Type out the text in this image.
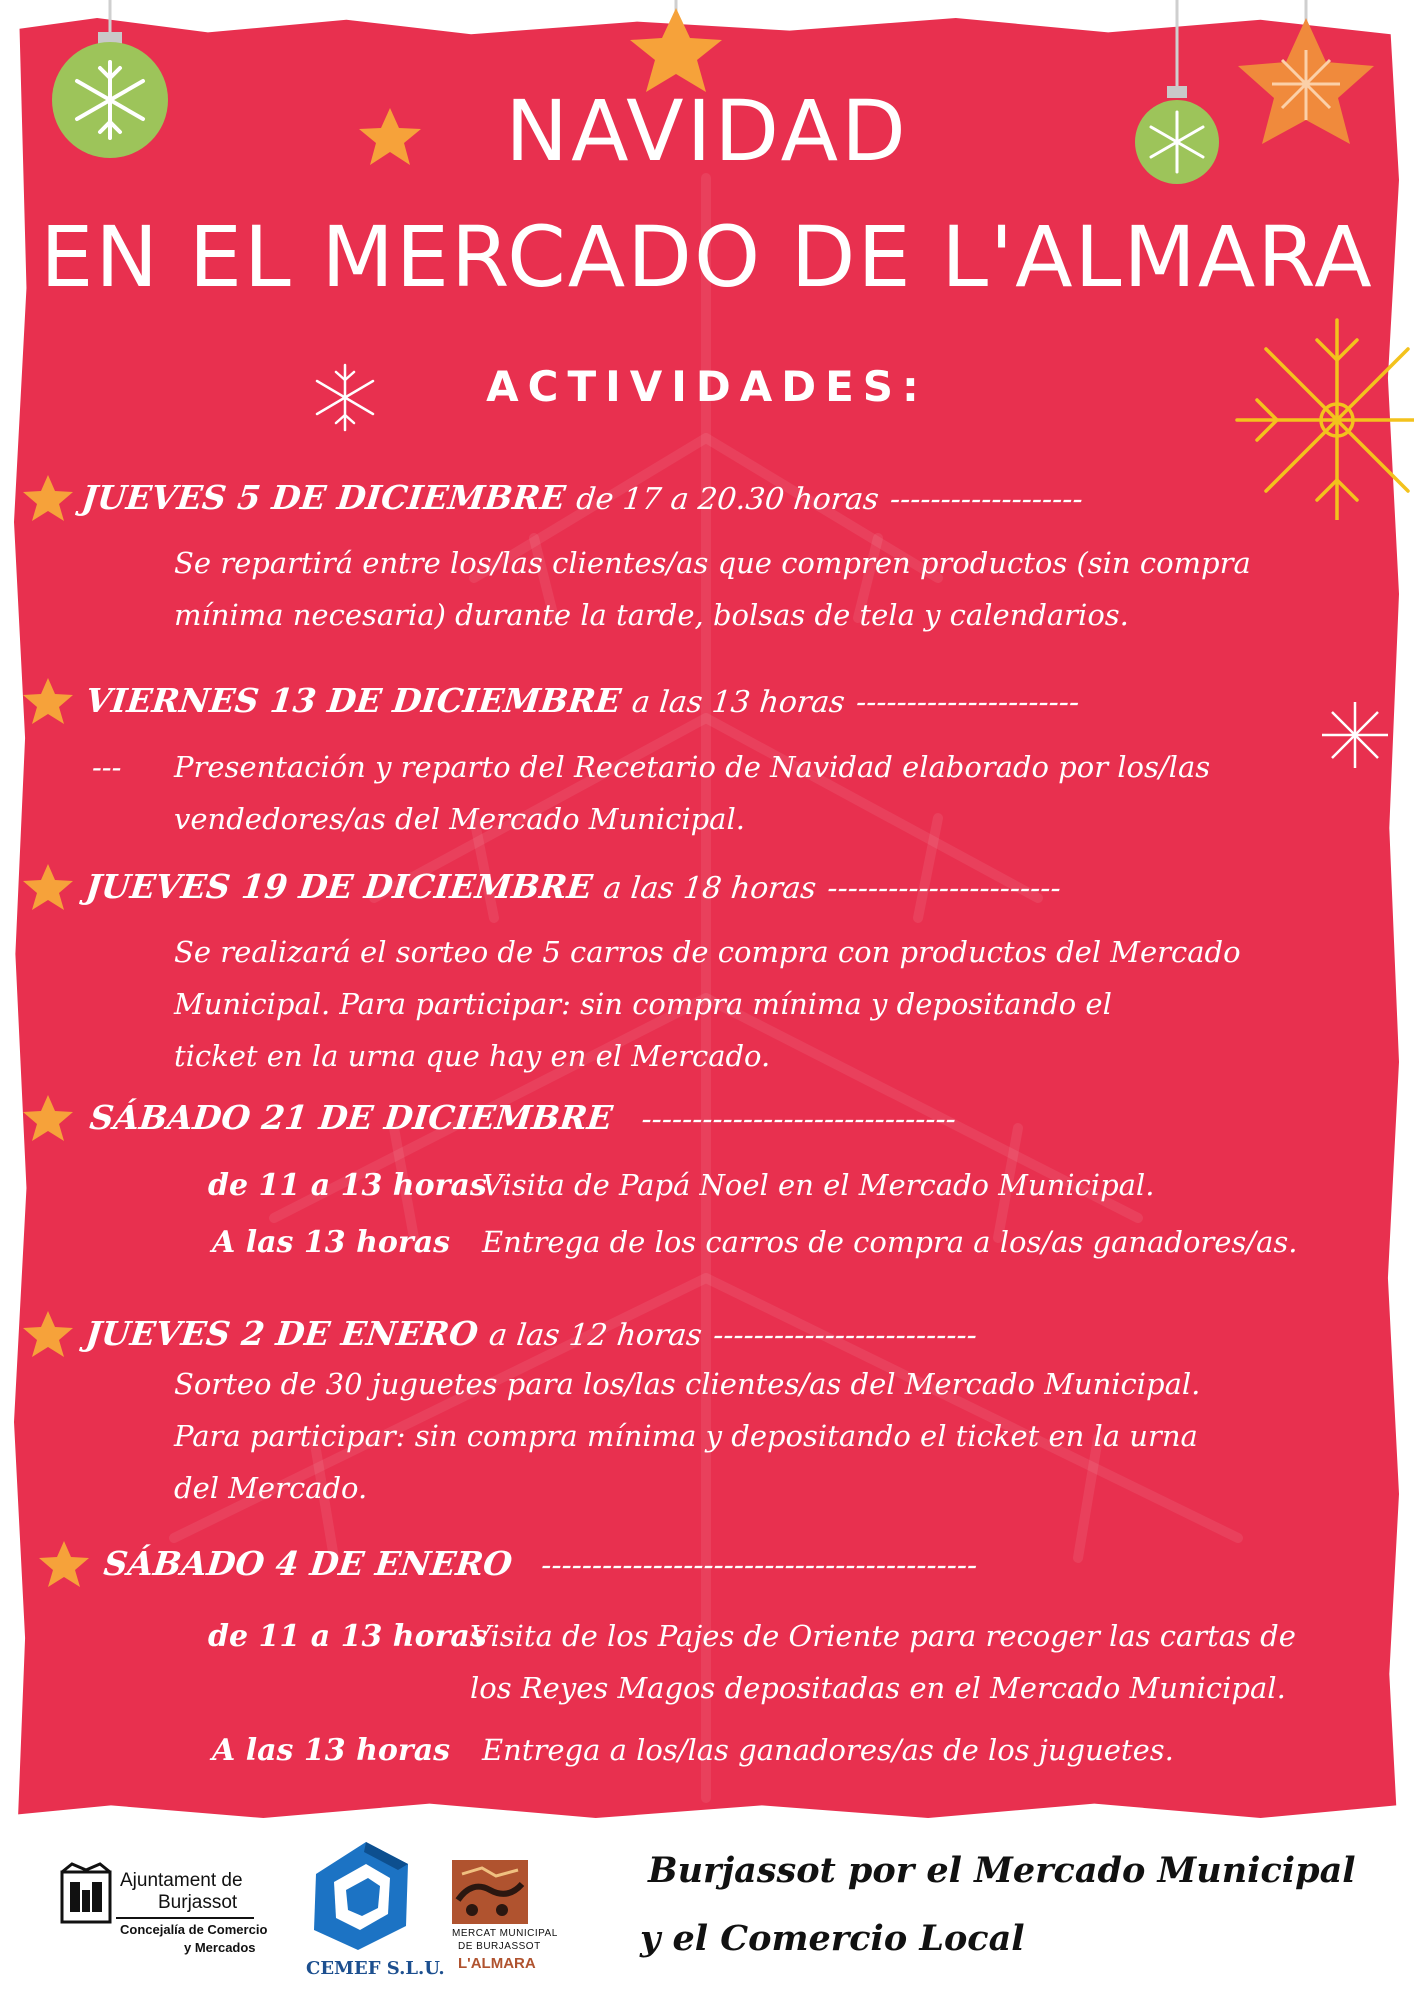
NAVIDAD
EN EL MERCADO DE L'ALMARA
ACTIVIDADES:
JUEVES 5 DE DICIEMBRE de 17 a 20.30 horas -------------------
Se repartirá entre los/las clientes/as que compren productos (sin compra
mínima necesaria) durante la tarde, bolsas de tela y calendarios.
VIERNES 13 DE DICIEMBRE a las 13 horas ----------------------
--- Presentación y reparto del Recetario de Navidad elaborado por los/las
vendedores/as del Mercado Municipal.
JUEVES 19 DE DICIEMBRE a las 18 horas -----------------------
Se realizará el sorteo de 5 carros de compra con productos del Mercado
Municipal. Para participar: sin compra mínima y depositando el
ticket en la urna que hay en el Mercado.
SÁBADO 21 DE DICIEMBRE -------------------------------
de 11 a 13 horas
Visita de Papá Noel en el Mercado Municipal.
A las 13 horas Entrega de los carros de compra a los/as ganadores/as.
JUEVES 2 DE ENERO a las 12 horas --------------------------
Sorteo de 30 juguetes para los/las clientes/as del Mercado Municipal.
Para participar: sin compra mínima y depositando el ticket en la urna
del Mercado.
SÁBADO 4 DE ENERO -------------------------------------------
de 11 a 13 horas
Visita de los Pajes de Oriente para recoger las cartas de
los Reyes Magos depositadas en el Mercado Municipal.
A las 13 horas Entrega a los/las ganadores/as de los juguetes.
Ajuntament de
Burjassot
Concejalía de Comercio
y Mercados
CEMEF S.L.U.
MERCAT MUNICIPAL
DE BURJASSOT
L'ALMARA
Burjassot por el Mercado Municipal
y el Comercio Local
